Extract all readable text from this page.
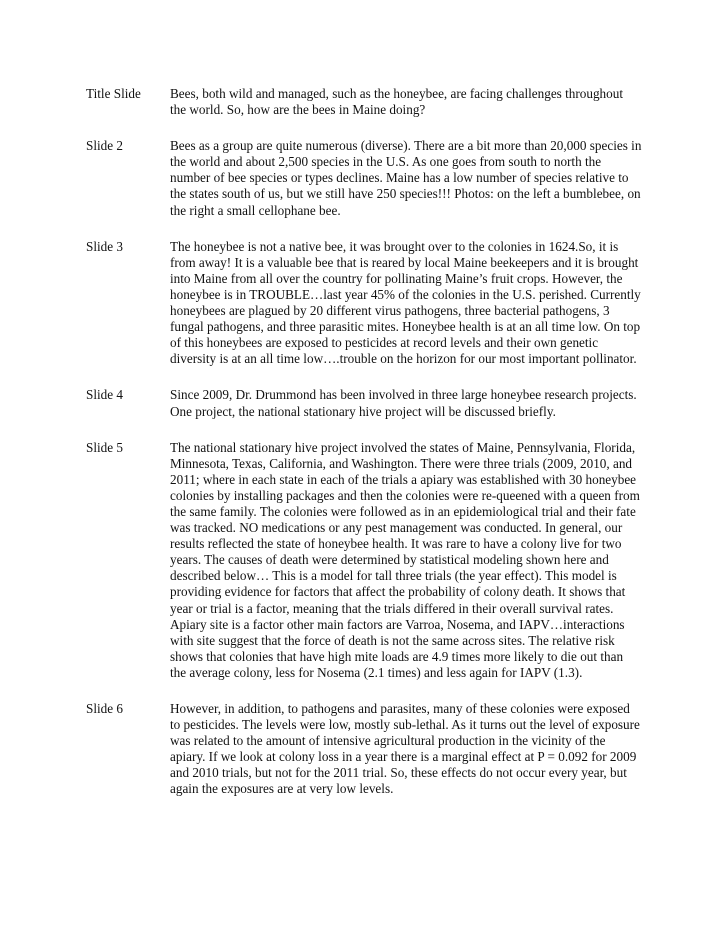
Title Slide	Bees, both wild and managed, such as the honeybee, are facing challenges throughout the world. So, how are the bees in Maine doing?
Slide 2	Bees as a group are quite numerous (diverse). There are a bit more than 20,000 species in the world and about 2,500 species in the U.S. As one goes from south to north the number of bee species or types declines. Maine has a low number of species relative to the states south of us, but we still have 250 species!!! Photos: on the left a bumblebee, on the right a small cellophane bee.
Slide 3	The honeybee is not a native bee, it was brought over to the colonies in 1624.So, it is from away! It is a valuable bee that is reared by local Maine beekeepers and it is brought into Maine from all over the country for pollinating Maine’s fruit crops. However, the honeybee is in TROUBLE…last year 45% of the colonies in the U.S. perished. Currently honeybees are plagued by 20 different virus pathogens, three bacterial pathogens, 3 fungal pathogens, and three parasitic mites. Honeybee health is at an all time low. On top of this honeybees are exposed to pesticides at record levels and their own genetic diversity is at an all time low….trouble on the horizon for our most important pollinator.
Slide 4	Since 2009, Dr. Drummond has been involved in three large honeybee research projects. One project, the national stationary hive project will be discussed briefly.
Slide 5	The national stationary hive project involved the states of Maine, Pennsylvania, Florida, Minnesota, Texas, California, and Washington. There were three trials (2009, 2010, and 2011; where in each state in each of the trials a apiary was established with 30 honeybee colonies by installing packages and then the colonies were re-queened with a queen from the same family. The colonies were followed as in an epidemiological trial and their fate was tracked. NO medications or any pest management was conducted. In general, our results reflected the state of honeybee health. It was rare to have a colony live for two years. The causes of death were determined by statistical modeling shown here and described below… This is a model for tall three trials (the year effect). This model is providing evidence for factors that affect the probability of colony death. It shows that year or trial is a factor, meaning that the trials differed in their overall survival rates. Apiary site is a factor other main factors are Varroa, Nosema, and IAPV…interactions with site suggest that the force of death is not the same across sites. The relative risk shows that colonies that have high mite loads are 4.9 times more likely to die out than the average colony, less for Nosema (2.1 times) and less again for IAPV (1.3).
Slide 6	However, in addition, to pathogens and parasites, many of these colonies were exposed to pesticides. The levels were low, mostly sub-lethal. As it turns out the level of exposure was related to the amount of intensive agricultural production in the vicinity of the apiary. If we look at colony loss in a year there is a marginal effect at P = 0.092 for 2009 and 2010 trials, but not for the 2011 trial. So, these effects do not occur every year, but again the exposures are at very low levels.
